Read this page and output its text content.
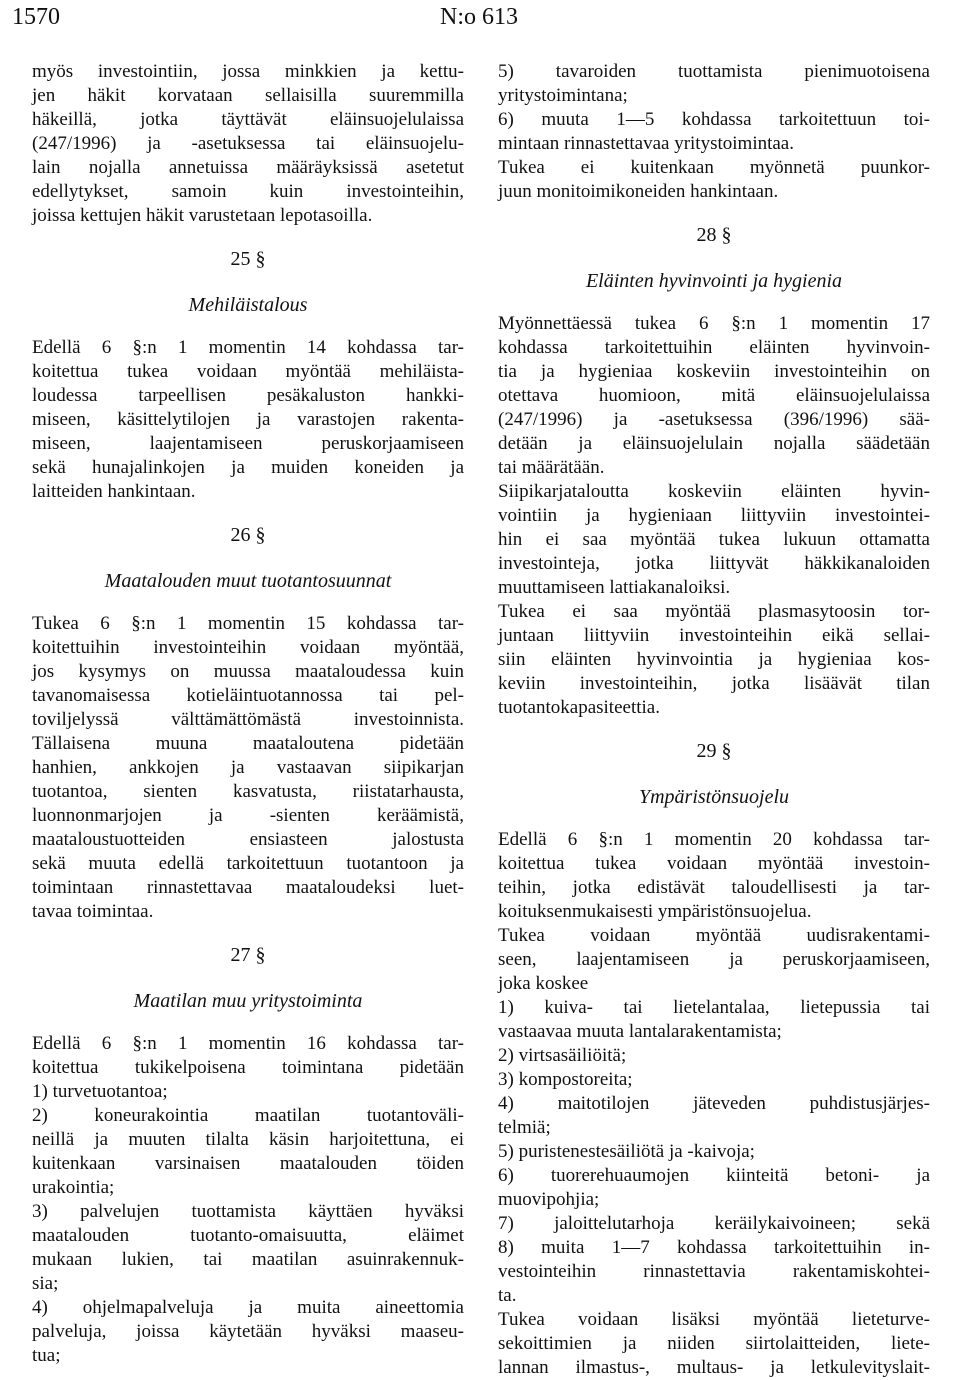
1570	N:o 613
myös investointiin, jossa minkkien ja kettu-
jen häkit korvataan sellaisilla suuremmilla
häkeillä, jotka täyttävät eläinsuojelulaissa
(247/1996) ja -asetuksessa tai eläinsuojelu-
lain nojalla annetuissa määräyksissä asetetut
edellytykset, samoin kuin investointeihin,
joissa kettujen häkit varustetaan lepotasoilla.
25 §
Mehiläistalous
Edellä 6 §:n 1 momentin 14 kohdassa tar-
koitettua tukea voidaan myöntää mehiläista-
loudessa tarpeellisen pesäkaluston hankki-
miseen, käsittelytilojen ja varastojen rakenta-
miseen, laajentamiseen peruskorjaamiseen
sekä hunajalinkojen ja muiden koneiden ja
laitteiden hankintaan.
26 §
Maatalouden muut tuotantosuunnat
Tukea 6 §:n 1 momentin 15 kohdassa tar-
koitettuihin investointeihin voidaan myöntää,
jos kysymys on muussa maataloudessa kuin
tavanomaisessa kotieläintuotannossa tai pel-
toviljelyssä välttämättömästä investoinnista.
Tällaisena muuna maataloutena pidetään
hanhien, ankkojen ja vastaavan siipikarjan
tuotantoa, sienten kasvatusta, riistatarhausta,
luonnonmarjojen ja -sienten keräämistä,
maataloustuotteiden ensiasteen jalostusta
sekä muuta edellä tarkoitettuun tuotantoon ja
toimintaan rinnastettavaa maataloudeksi luet-
tavaa toimintaa.
27 §
Maatilan muu yritystoiminta
Edellä 6 §:n 1 momentin 16 kohdassa tar-
koitettua tukikelpoisena toimintana pidetään
1) turvetuotantoa;
2) koneurakointia maatilan tuotantoväli-
neillä ja muuten tilalta käsin harjoitettuna, ei
kuitenkaan varsinaisen maatalouden töiden
urakointia;
3) palvelujen tuottamista käyttäen hyväksi
maatalouden tuotanto-omaisuutta, eläimet
mukaan lukien, tai maatilan asuinrakennuk-
sia;
4) ohjelmapalveluja ja muita aineettomia
palveluja, joissa käytetään hyväksi maaseu-
tua;
5) tavaroiden tuottamista pienimuotoisena
yritystoimintana;
6) muuta 1—5 kohdassa tarkoitettuun toi-
mintaan rinnastettavaa yritystoimintaa.
Tukea ei kuitenkaan myönnetä puunkor-
juun monitoimikoneiden hankintaan.
28 §
Eläinten hyvinvointi ja hygienia
Myönnettäessä tukea 6 §:n 1 momentin 17
kohdassa tarkoitettuihin eläinten hyvinvoin-
tia ja hygieniaa koskeviin investointeihin on
otettava huomioon, mitä eläinsuojelulaissa
(247/1996) ja -asetuksessa (396/1996) sää-
detään ja eläinsuojelulain nojalla säädetään
tai määrätään.
Siipikarjataloutta koskeviin eläinten hyvin-
vointiin ja hygieniaan liittyviin investointei-
hin ei saa myöntää tukea lukuun ottamatta
investointeja, jotka liittyvät häkkikanaloiden
muuttamiseen lattiakanaloiksi.
Tukea ei saa myöntää plasmasytoosin tor-
juntaan liittyviin investointeihin eikä sellai-
siin eläinten hyvinvointia ja hygieniaa kos-
keviin investointeihin, jotka lisäävät tilan
tuotantokapasiteettia.
29 §
Ympäristönsuojelu
Edellä 6 §:n 1 momentin 20 kohdassa tar-
koitettua tukea voidaan myöntää investoin-
teihin, jotka edistävät taloudellisesti ja tar-
koituksenmukaisesti ympäristönsuojelua.
Tukea voidaan myöntää uudisrakentami-
seen, laajentamiseen ja peruskorjaamiseen,
joka koskee
1) kuiva- tai lietelantalaa, lietepussia tai
vastaavaa muuta lantalarakentamista;
2) virtsasäiliöitä;
3) kompostoreita;
4) maitotilojen jäteveden puhdistusjärjes-
telmiä;
5) puristenestesäiliötä ja -kaivoja;
6) tuorerehuaumojen kiinteitä betoni- ja
muovipohjia;
7) jaloittelutarhoja keräilykaivoineen; sekä
8) muita 1—7 kohdassa tarkoitettuihin in-
vestointeihin rinnastettavia rakentamiskohtei-
ta.
Tukea voidaan lisäksi myöntää lieteturve-
sekoittimien ja niiden siirtolaitteiden, liete-
lannan ilmastus-, multaus- ja letkulevityslait-
